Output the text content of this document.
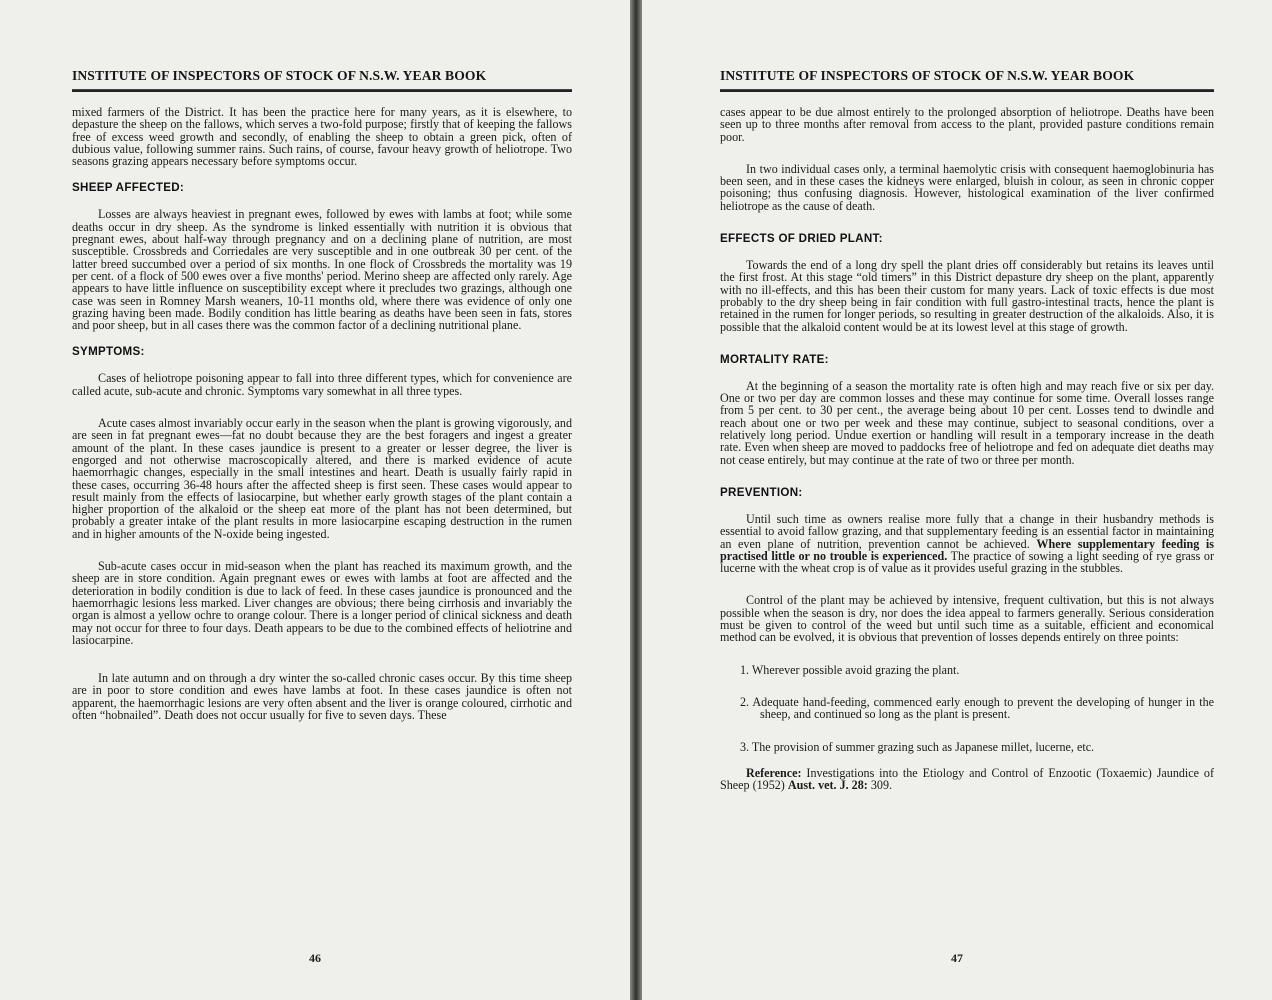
INSTITUTE OF INSPECTORS OF STOCK OF N.S.W. YEAR BOOK

mixed farmers of the District. It has been the practice here for many years, as it is elsewhere, to depasture the sheep on the fallows, which serves a two-fold purpose; firstly that of keeping the fallows free of excess weed growth and secondly, of enabling the sheep to obtain a green pick, often of dubious value, following summer rains. Such rains, of course, favour heavy growth of heliotrope. Two seasons grazing appears necessary before symptoms occur.

SHEEP AFFECTED:

Losses are always heaviest in pregnant ewes, followed by ewes with lambs at foot; while some deaths occur in dry sheep. As the syndrome is linked essentially with nutrition it is obvious that pregnant ewes, about half-way through pregnancy and on a declining plane of nutrition, are most susceptible. Crossbreds and Corriedales are very susceptible and in one outbreak 30 per cent. of the latter breed succumbed over a period of six months. In one flock of Crossbreds the mortality was 19 per cent. of a flock of 500 ewes over a five months' period. Merino sheep are affected only rarely. Age appears to have little influence on susceptibility except where it precludes two grazings, although one case was seen in Romney Marsh weaners, 10-11 months old, where there was evidence of only one grazing having been made. Bodily condition has little bearing as deaths have been seen in fats, stores and poor sheep, but in all cases there was the common factor of a declining nutritional plane.

SYMPTOMS:

Cases of heliotrope poisoning appear to fall into three different types, which for convenience are called acute, sub-acute and chronic. Symptoms vary somewhat in all three types.

Acute cases almost invariably occur early in the season when the plant is growing vigorously, and are seen in fat pregnant ewes—fat no doubt because they are the best foragers and ingest a greater amount of the plant. In these cases jaundice is present to a greater or lesser degree, the liver is engorged and not otherwise macroscopically altered, and there is marked evidence of acute haemorrhagic changes, especially in the small intestines and heart. Death is usually fairly rapid in these cases, occurring 36-48 hours after the affected sheep is first seen. These cases would appear to result mainly from the effects of lasiocarpine, but whether early growth stages of the plant contain a higher proportion of the alkaloid or the sheep eat more of the plant has not been determined, but probably a greater intake of the plant results in more lasiocarpine escaping destruction in the rumen and in higher amounts of the N-oxide being ingested.

Sub-acute cases occur in mid-season when the plant has reached its maximum growth, and the sheep are in store condition. Again pregnant ewes or ewes with lambs at foot are affected and the deterioration in bodily condition is due to lack of feed. In these cases jaundice is pronounced and the haemorrhagic lesions less marked. Liver changes are obvious; there being cirrhosis and invariably the organ is almost a yellow ochre to orange colour. There is a longer period of clinical sickness and death may not occur for three to four days. Death appears to be due to the combined effects of heliotrine and lasiocarpine.

In late autumn and on through a dry winter the so-called chronic cases occur. By this time sheep are in poor to store condition and ewes have lambs at foot. In these cases jaundice is often not apparent, the haemorrhagic lesions are very often absent and the liver is orange coloured, cirrhotic and often “hobnailed”. Death does not occur usually for five to seven days. These

46
INSTITUTE OF INSPECTORS OF STOCK OF N.S.W. YEAR BOOK

cases appear to be due almost entirely to the prolonged absorption of heliotrope. Deaths have been seen up to three months after removal from access to the plant, provided pasture conditions remain poor.

In two individual cases only, a terminal haemolytic crisis with consequent haemoglobinuria has been seen, and in these cases the kidneys were enlarged, bluish in colour, as seen in chronic copper poisoning; thus confusing diagnosis. However, histological examination of the liver confirmed heliotrope as the cause of death.

EFFECTS OF DRIED PLANT:

Towards the end of a long dry spell the plant dries off considerably but retains its leaves until the first frost. At this stage “old timers” in this District depasture dry sheep on the plant, apparently with no ill-effects, and this has been their custom for many years. Lack of toxic effects is due most probably to the dry sheep being in fair condition with full gastro-intestinal tracts, hence the plant is retained in the rumen for longer periods, so resulting in greater destruction of the alkaloids. Also, it is possible that the alkaloid content would be at its lowest level at this stage of growth.

MORTALITY RATE:

At the beginning of a season the mortality rate is often high and may reach five or six per day. One or two per day are common losses and these may continue for some time. Overall losses range from 5 per cent. to 30 per cent., the average being about 10 per cent. Losses tend to dwindle and reach about one or two per week and these may continue, subject to seasonal conditions, over a relatively long period. Undue exertion or handling will result in a temporary increase in the death rate. Even when sheep are moved to paddocks free of heliotrope and fed on adequate diet deaths may not cease entirely, but may continue at the rate of two or three per month.

PREVENTION:

Until such time as owners realise more fully that a change in their husbandry methods is essential to avoid fallow grazing, and that supplementary feeding is an essential factor in maintaining an even plane of nutrition, prevention cannot be achieved. Where supplementary feeding is practised little or no trouble is experienced. The practice of sowing a light seeding of rye grass or lucerne with the wheat crop is of value as it provides useful grazing in the stubbles.

Control of the plant may be achieved by intensive, frequent cultivation, but this is not always possible when the season is dry, nor does the idea appeal to farmers generally. Serious consideration must be given to control of the weed but until such time as a suitable, efficient and economical method can be evolved, it is obvious that prevention of losses depends entirely on three points:

1. Wherever possible avoid grazing the plant.
2. Adequate hand-feeding, commenced early enough to prevent the developing of hunger in the sheep, and continued so long as the plant is present.
3. The provision of summer grazing such as Japanese millet, lucerne, etc.

Reference: Investigations into the Etiology and Control of Enzootic (Toxaemic) Jaundice of Sheep (1952) Aust. vet. J. 28: 309.

47
